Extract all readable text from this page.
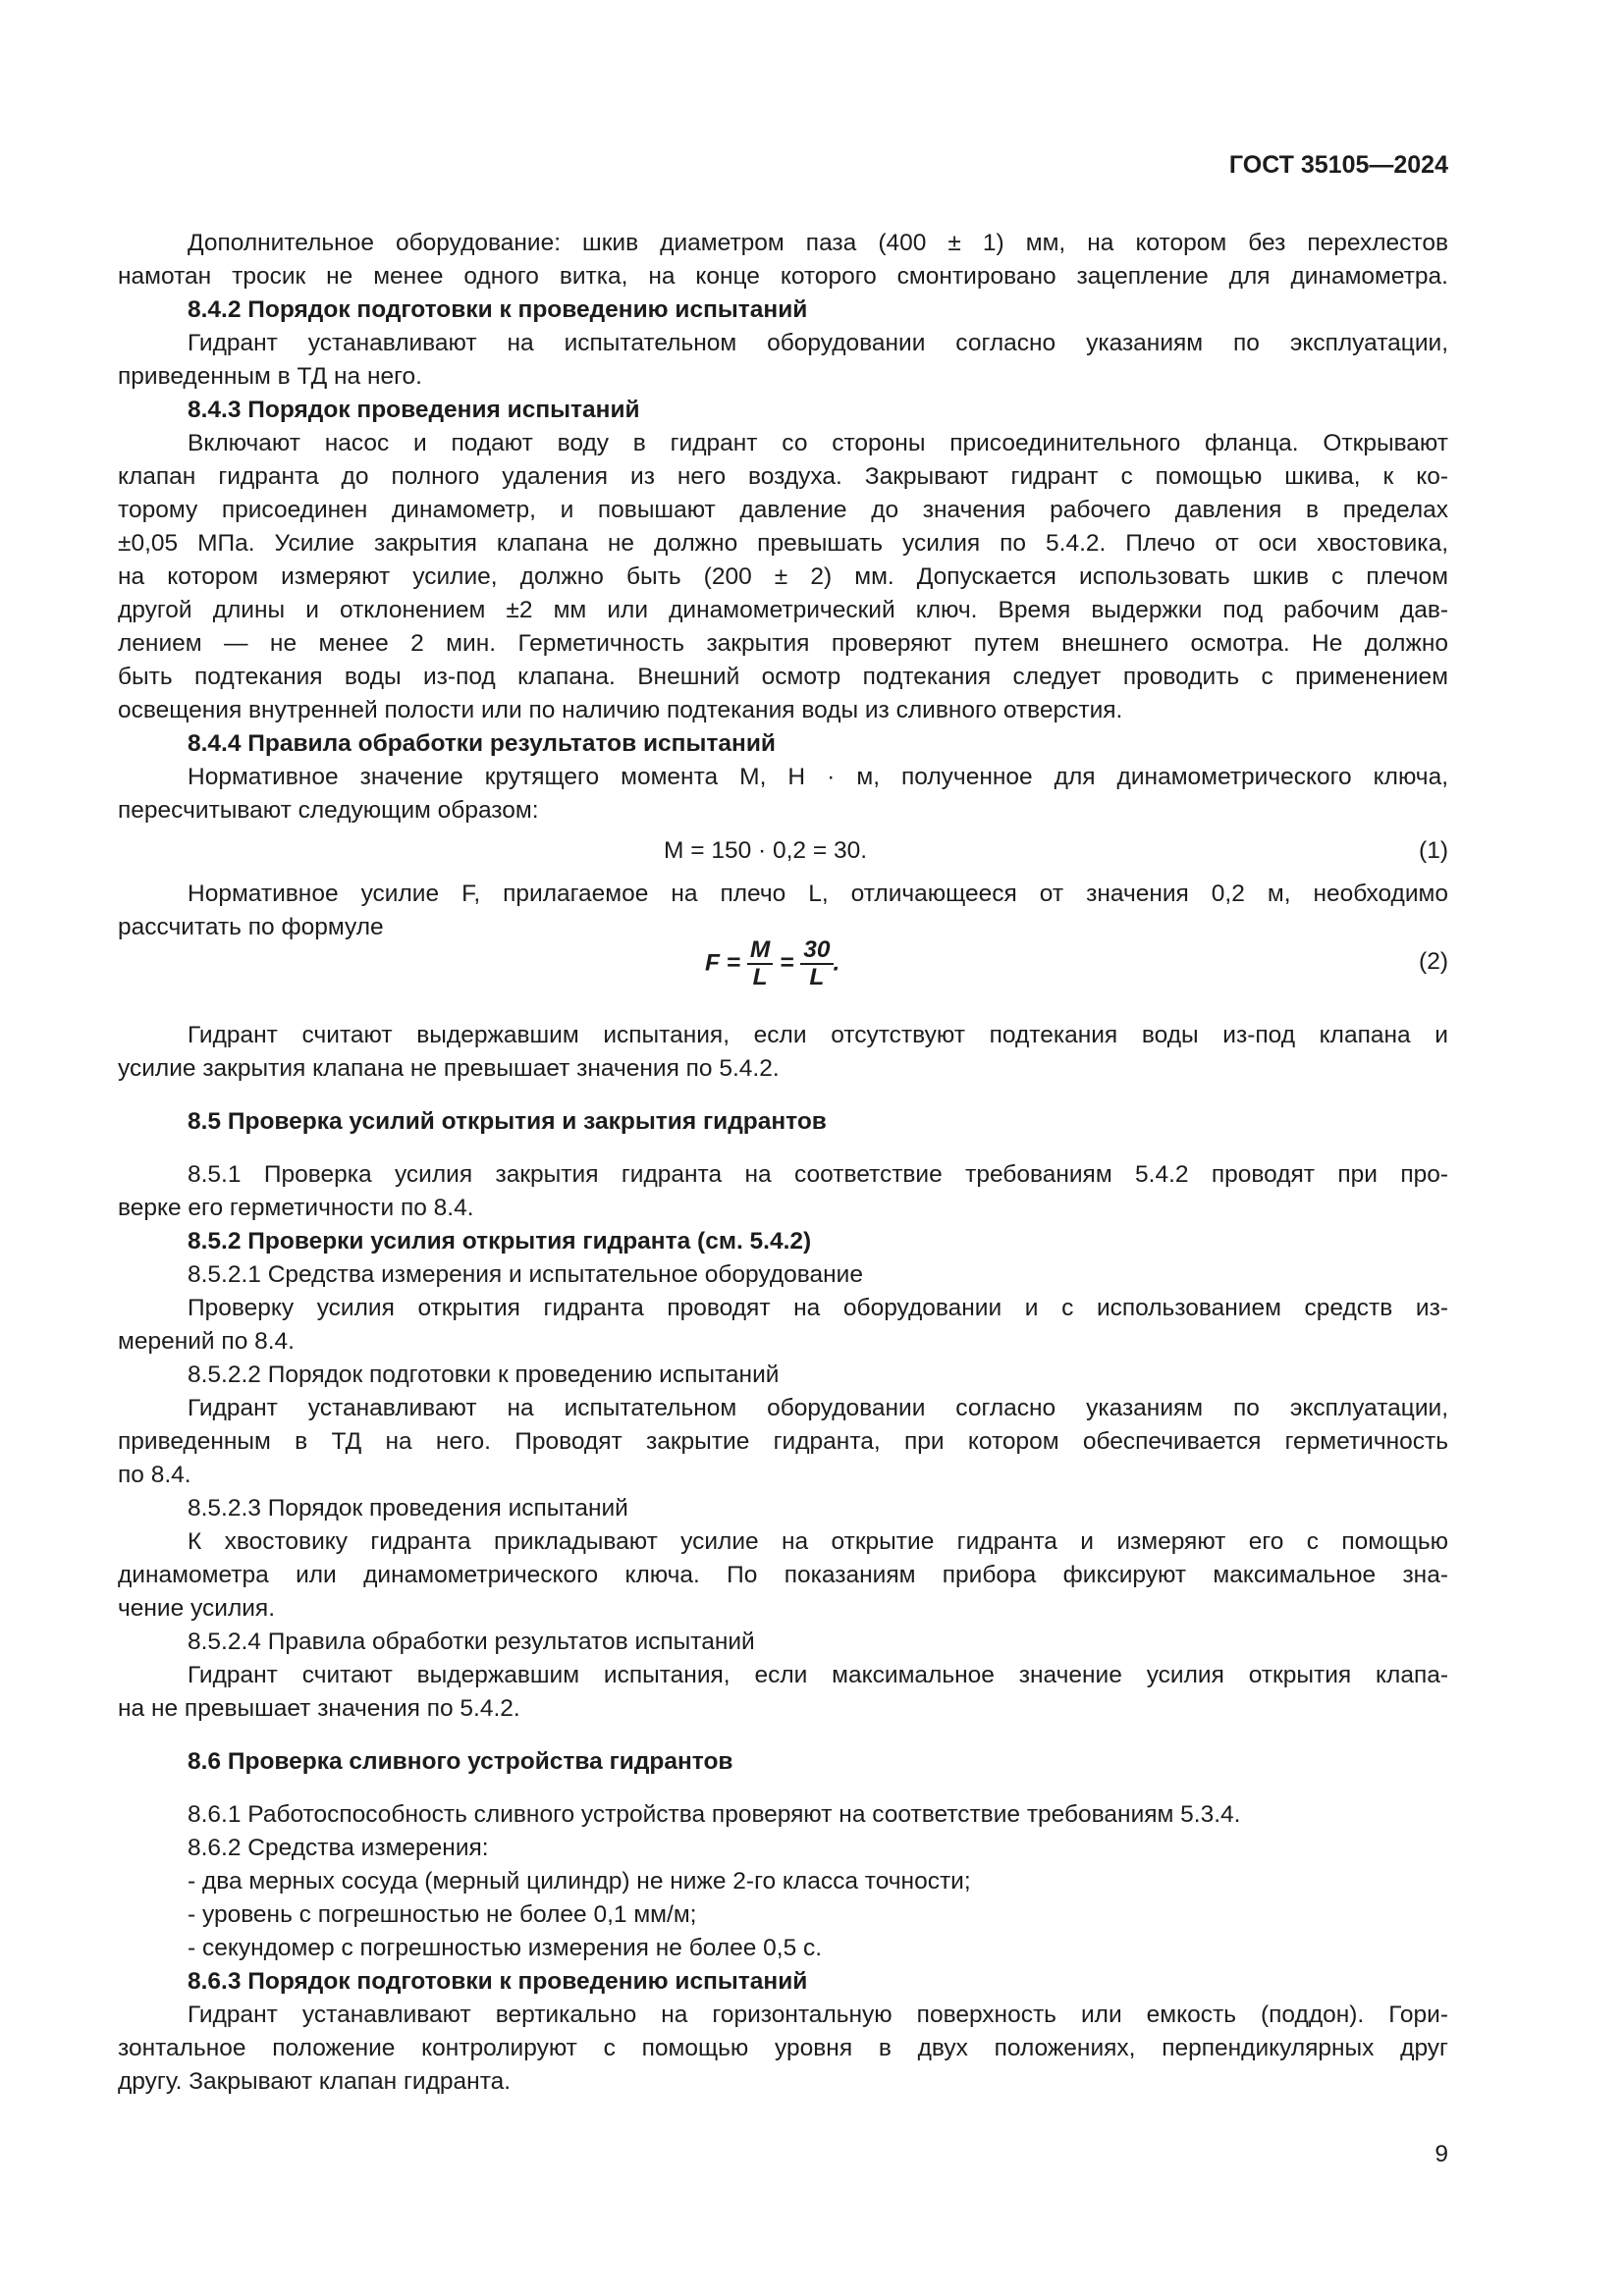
ГОСТ 35105—2024
Дополнительное оборудование: шкив диаметром паза (400 ± 1) мм, на котором без перехлестов
намотан тросик не менее одного витка, на конце которого смонтировано зацепление для динамометра.
8.4.2 Порядок подготовки к проведению испытаний
Гидрант устанавливают на испытательном оборудовании согласно указаниям по эксплуатации,
приведенным в ТД на него.
8.4.3 Порядок проведения испытаний
Включают насос и подают воду в гидрант со стороны присоединительного фланца. Открывают
клапан гидранта до полного удаления из него воздуха. Закрывают гидрант с помощью шкива, к ко-
торому присоединен динамометр, и повышают давление до значения рабочего давления в пределах
±0,05 МПа. Усилие закрытия клапана не должно превышать усилия по 5.4.2. Плечо от оси хвостовика,
на котором измеряют усилие, должно быть (200 ± 2) мм. Допускается использовать шкив с плечом
другой длины и отклонением ±2 мм или динамометрический ключ. Время выдержки под рабочим дав-
лением — не менее 2 мин. Герметичность закрытия проверяют путем внешнего осмотра. Не должно
быть подтекания воды из-под клапана. Внешний осмотр подтекания следует проводить с применением
освещения внутренней полости или по наличию подтекания воды из сливного отверстия.
8.4.4 Правила обработки результатов испытаний
Нормативное значение крутящего момента М, Н · м, полученное для динамометрического ключа,
пересчитывают следующим образом:
М = 150 · 0,2 = 30.	(1)
Нормативное усилие F, прилагаемое на плечо L, отличающееся от значения 0,2 м, необходимо
рассчитать по формуле
$F = \frac{M}{L} = \frac{30}{L}$ .	(2)
Гидрант считают выдержавшим испытания, если отсутствуют подтекания воды из-под клапана и
усилие закрытия клапана не превышает значения по 5.4.2.
8.5 Проверка усилий открытия и закрытия гидрантов
8.5.1 Проверка усилия закрытия гидранта на соответствие требованиям 5.4.2 проводят при про-
верке его герметичности по 8.4.
8.5.2 Проверки усилия открытия гидранта (см. 5.4.2)
8.5.2.1 Средства измерения и испытательное оборудование
Проверку усилия открытия гидранта проводят на оборудовании и с использованием средств из-
мерений по 8.4.
8.5.2.2 Порядок подготовки к проведению испытаний
Гидрант устанавливают на испытательном оборудовании согласно указаниям по эксплуатации,
приведенным в ТД на него. Проводят закрытие гидранта, при котором обеспечивается герметичность
по 8.4.
8.5.2.3 Порядок проведения испытаний
К хвостовику гидранта прикладывают усилие на открытие гидранта и измеряют его с помощью
динамометра или динамометрического ключа. По показаниям прибора фиксируют максимальное зна-
чение усилия.
8.5.2.4 Правила обработки результатов испытаний
Гидрант считают выдержавшим испытания, если максимальное значение усилия открытия клапа-
на не превышает значения по 5.4.2.
8.6 Проверка сливного устройства гидрантов
8.6.1 Работоспособность сливного устройства проверяют на соответствие требованиям 5.3.4.
8.6.2 Средства измерения:
- два мерных сосуда (мерный цилиндр) не ниже 2-го класса точности;
- уровень с погрешностью не более 0,1 мм/м;
- секундомер с погрешностью измерения не более 0,5 с.
8.6.3 Порядок подготовки к проведению испытаний
Гидрант устанавливают вертикально на горизонтальную поверхность или емкость (поддон). Гори-
зонтальное положение контролируют с помощью уровня в двух положениях, перпендикулярных друг
другу. Закрывают клапан гидранта.
9
